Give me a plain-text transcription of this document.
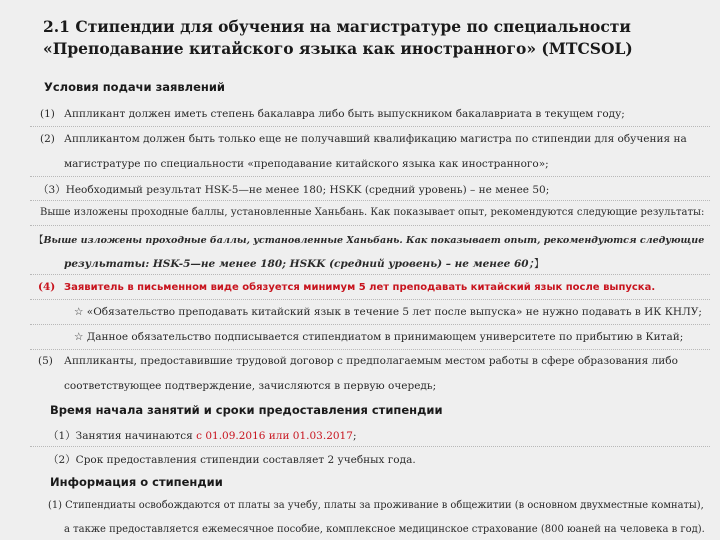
2.1 Стипендии для обучения на магистратуре по специальности
«Преподавание китайского языка как иностранного» (MTCSOL)
Условия подачи заявлений
(1) Аппликант должен иметь степень бакалавра либо быть выпускником бакалавриата в текущем году;
(2) Аппликантом должен быть только еще не получавший квалификацию магистра по стипендии для обучения на
магистратуре по специальности «преподавание китайского языка как иностранного»;
（3）Необходимый результат HSK-5—не менее 180; HSKK (средний уровень) – не менее 50;
Выше изложены проходные баллы, установленные Ханьбань. Как показывает опыт, рекомендуются следующие результаты:
【Выше изложены проходные баллы, установленные Ханьбань. Как показывает опыт, рекомендуются следующие
результаты: HSK-5—не менее 180; HSKK (средний уровень) – не менее 60；】
(4) Заявитель в письменном виде обязуется минимум 5 лет преподавать китайский язык после выпуска.
☆ «Обязательство преподавать китайский язык в течение 5 лет после выпуска» не нужно подавать в ИК КНЛУ;
☆ Данное обязательство подписывается стипендиатом в принимающем университете по прибытию в Китай;
(5) Аппликанты, предоставившие трудовой договор с предполагаемым местом работы в сфере образования либо
соответствующее подтверждение, зачисляются в первую очередь;
Время начала занятий и сроки предоставления стипендии
（1）Занятия начинаются с 01.09.2016 или 01.03.2017;
（2）Срок предоставления стипендии составляет 2 учебных года.
Информация о стипендии
(1) Стипендиаты освобождаются от платы за учебу, платы за проживание в общежитии (в основном двухместные комнаты),
а также предоставляется ежемесячное пособие, комплексное медицинское страхование (800 юаней на человека в год).
